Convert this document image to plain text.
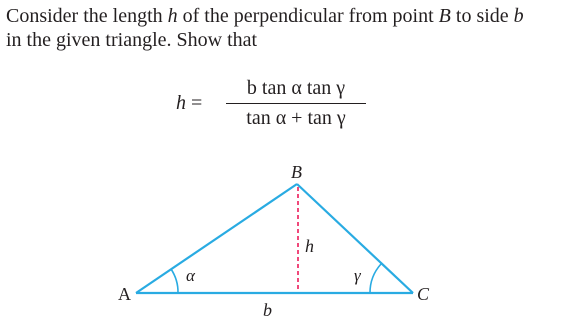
Consider the length h of the perpendicular from point B to side b

in the given triangle. Show that

h =
b tan α tan γ
tan α + tan γ
A
B
C
b
h
α	γ
